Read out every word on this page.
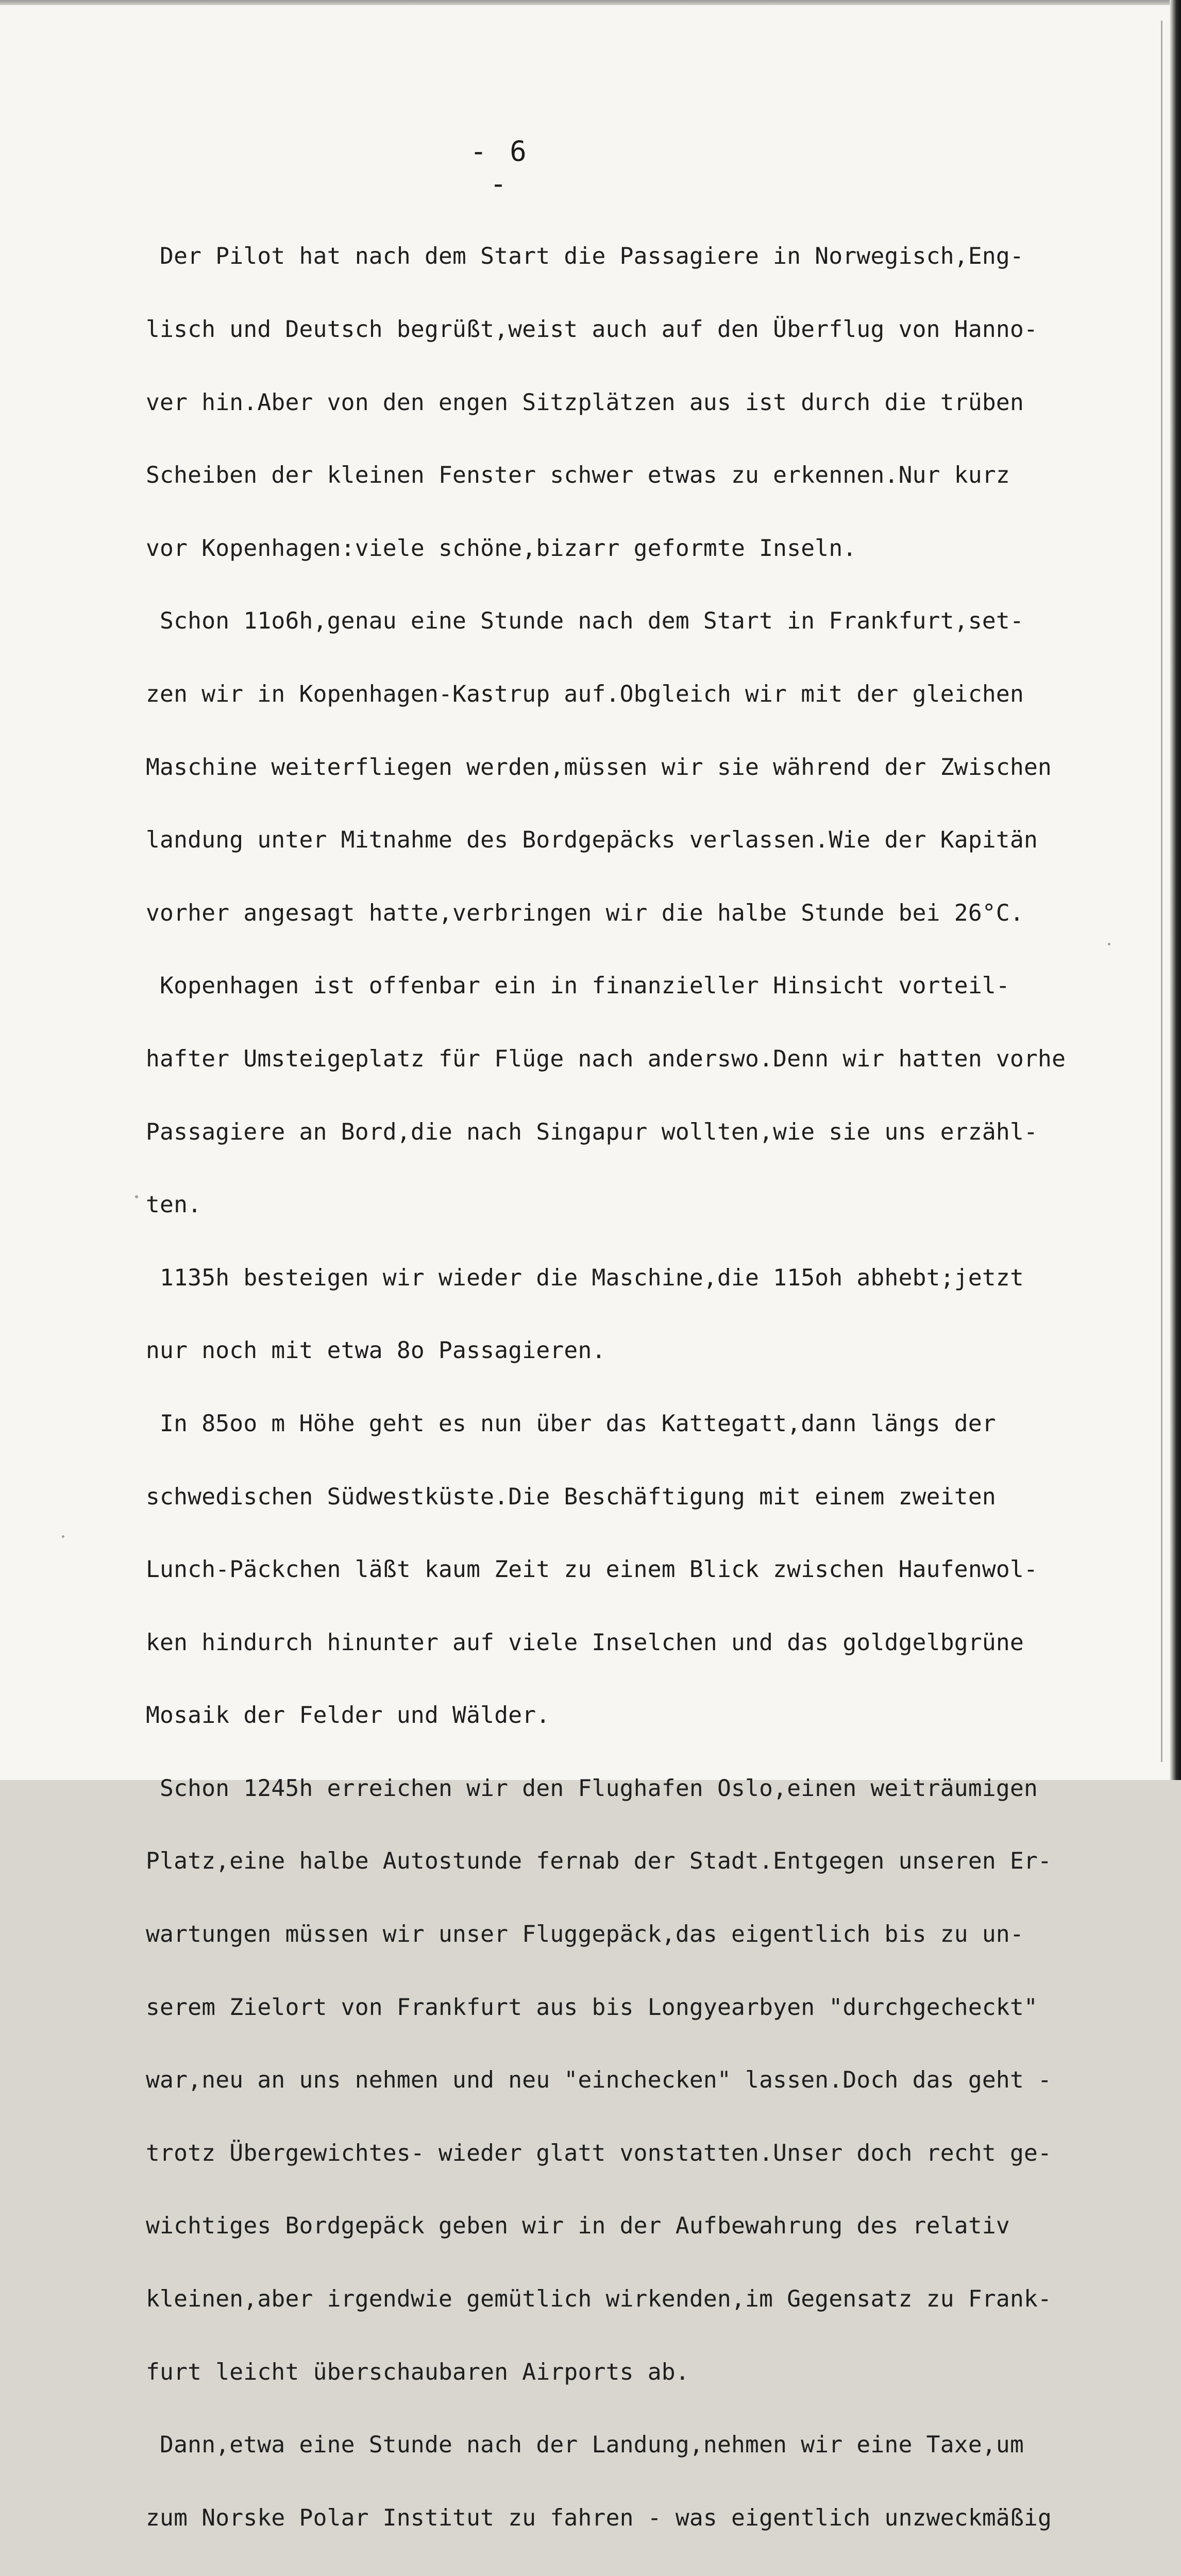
- 6 -

Der Pilot hat nach dem Start die Passagiere in Norwegisch,Eng-

lisch und Deutsch begrüßt,weist auch auf den Überflug von Hanno-

ver hin.Aber von den engen Sitzplätzen aus ist durch die trüben

Scheiben der kleinen Fenster schwer etwas zu erkennen.Nur kurz

vor Kopenhagen:viele schöne,bizarr geformte Inseln.

Schon 11o6h,genau eine Stunde nach dem Start in Frankfurt,set-

zen wir in Kopenhagen-Kastrup auf.Obgleich wir mit der gleichen

Maschine weiterfliegen werden,müssen wir sie während der Zwischen

landung unter Mitnahme des Bordgepäcks verlassen.Wie der Kapitän

vorher angesagt hatte,verbringen wir die halbe Stunde bei 26°C.

Kopenhagen ist offenbar ein in finanzieller Hinsicht vorteil-

hafter Umsteigeplatz für Flüge nach anderswo.Denn wir hatten vorhe

Passagiere an Bord,die nach Singapur wollten,wie sie uns erzähl-

ten.

1135h besteigen wir wieder die Maschine,die 115oh abhebt;jetzt

nur noch mit etwa 8o Passagieren.

In 85oo m Höhe geht es nun über das Kattegatt,dann längs der

schwedischen Südwestküste.Die Beschäftigung mit einem zweiten

Lunch-Päckchen läßt kaum Zeit zu einem Blick zwischen Haufenwol-

ken hindurch hinunter auf viele Inselchen und das goldgelbgrüne

Mosaik der Felder und Wälder.

Schon 1245h erreichen wir den Flughafen Oslo,einen weiträumigen

Platz,eine halbe Autostunde fernab der Stadt.Entgegen unseren Er-

wartungen müssen wir unser Fluggepäck,das eigentlich bis zu un-

serem Zielort von Frankfurt aus bis Longyearbyen "durchgecheckt"

war,neu an uns nehmen und neu "einchecken" lassen.Doch das geht -

trotz Übergewichtes- wieder glatt vonstatten.Unser doch recht ge-

wichtiges Bordgepäck geben wir in der Aufbewahrung des relativ

kleinen,aber irgendwie gemütlich wirkenden,im Gegensatz zu Frank-

furt leicht überschaubaren Airports ab.

Dann,etwa eine Stunde nach der Landung,nehmen wir eine Taxe,um

zum Norske Polar Institut zu fahren - was eigentlich unzweckmäßig
